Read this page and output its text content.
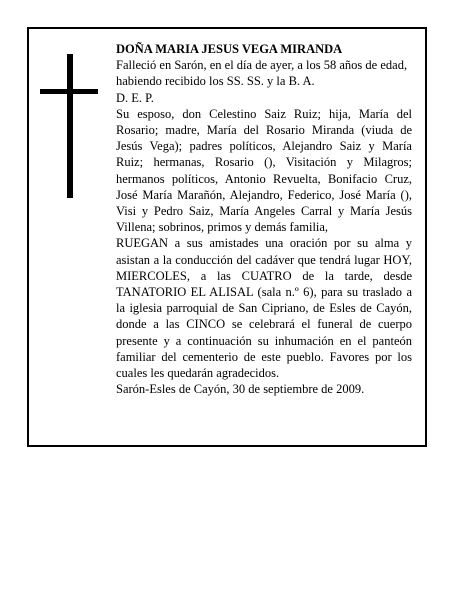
DOÑA MARIA JESUS VEGA MIRANDA

Falleció en Sarón, en el día de ayer, a los 58 años de edad,

habiendo recibido los SS. SS. y la B. A.

D. E. P.

Su esposo, don Celestino Saiz Ruiz; hija, María del Rosario; madre, María del Rosario Miranda (viuda de Jesús Vega); padres políticos, Alejandro Saiz y María Ruiz; hermanas, Rosario (), Visitación y Milagros; hermanos políticos, Antonio Revuelta, Bonifacio Cruz, José María Marañón, Alejandro, Federico, José María (), Visi y Pedro Saiz, María Angeles Carral y María Jesús Villena; sobrinos, primos y demás familia,

RUEGAN a sus amistades una oración por su alma y asistan a la conducción del cadáver que tendrá lugar HOY, MIERCOLES, a las CUATRO de la tarde, desde TANATORIO EL ALISAL (sala n.º 6), para su traslado a la iglesia parroquial de San Cipriano, de Esles de Cayón, donde a las CINCO se celebrará el funeral de cuerpo presente y a continuación su inhumación en el panteón familiar del cementerio de este pueblo. Favores por los cuales les quedarán agradecidos.

Sarón-Esles de Cayón, 30 de septiembre de 2009.
